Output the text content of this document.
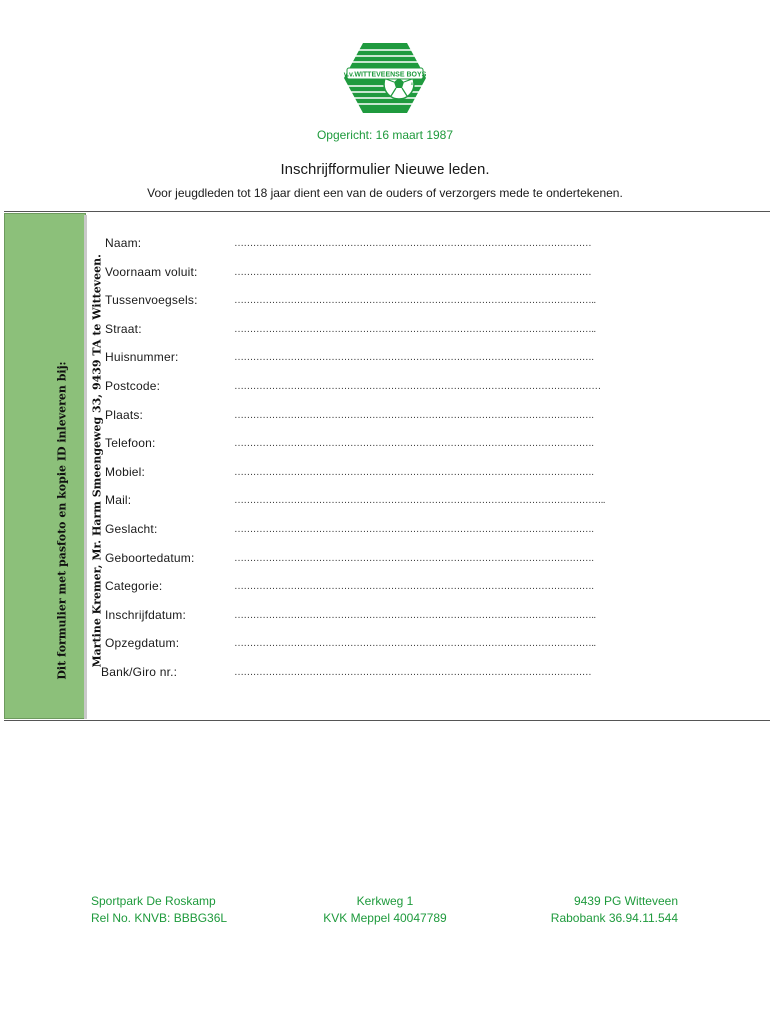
v.v.WITTEVEENSE BOYS
87
Opgericht: 16 maart 1987
Inschrijfformulier Nieuwe leden.
Voor jeugdleden tot 18 jaar dient een van de ouders of verzorgers mede te ondertekenen.
Dit formulier met pasfoto en kopie ID inleveren bij: Martine Kremer, Mr. Harm Smeengeweg 33, 9439 TA te Witteveen.
Naam:	……………………………………………………………………………………………………
Voornaam voluit:	……………………………………………………………………………………………………
Tussenvoegsels:	……………………………………………………………………………………………………..
Straat:	……………………………………………………………………………………………………..
Huisnummer:	…………………………………………………………………………………………………….
Postcode:	………………………………………………………………………………………………………
Plaats:	…………………………………………………………………………………………………….
Telefoon:	…………………………………………………………………………………………………….
Mobiel:	…………………………………………………………………………………………………….
Mail:	………………………………………………………………………………………………………..
Geslacht:	…………………………………………………………………………………………………….
Geboortedatum:	…………………………………………………………………………………………………….
Categorie:	…………………………………………………………………………………………………….
Inschrijfdatum:	……………………………………………………………………………………………………..
Opzegdatum:	……………………………………………………………………………………………………..
Bank/Giro nr.:	……………………………………………………………………………………………………
Sportpark De Roskamp
Rel No. KNVB: BBBG36L
Kerkweg 1
KVK Meppel 40047789
9439 PG Witteveen
Rabobank 36.94.11.544
